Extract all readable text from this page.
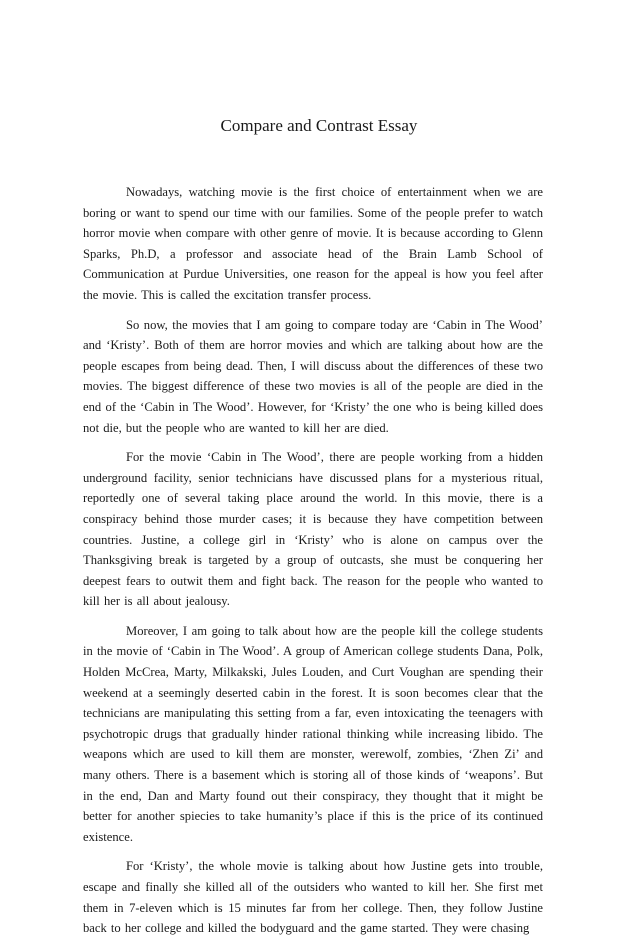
Compare and Contrast Essay

Nowadays, watching movie is the first choice of entertainment when we are boring or want to spend our time with our families. Some of the people prefer to watch horror movie when compare with other genre of movie. It is because according to Glenn Sparks, Ph.D, a professor and associate head of the Brain Lamb School of Communication at Purdue Universities, one reason for the appeal is how you feel after the movie. This is called the excitation transfer process.

So now, the movies that I am going to compare today are ‘Cabin in The Wood’ and ‘Kristy’. Both of them are horror movies and which are talking about how are the people escapes from being dead. Then, I will discuss about the differences of these two movies. The biggest difference of these two movies is all of the people are died in the end of the ‘Cabin in The Wood’. However, for ‘Kristy’ the one who is being killed does not die, but the people who are wanted to kill her are died.

For the movie ‘Cabin in The Wood’, there are people working from a hidden underground facility, senior technicians have discussed plans for a mysterious ritual, reportedly one of several taking place around the world. In this movie, there is a conspiracy behind those murder cases; it is because they have competition between countries. Justine, a college girl in ‘Kristy’ who is alone on campus over the Thanksgiving break is targeted by a group of outcasts, she must be conquering her deepest fears to outwit them and fight back. The reason for the people who wanted to kill her is all about jealousy.

Moreover, I am going to talk about how are the people kill the college students in the movie of ‘Cabin in The Wood’. A group of American college students Dana, Polk, Holden McCrea, Marty, Milkakski, Jules Louden, and Curt Voughan are spending their weekend at a seemingly deserted cabin in the forest. It is soon becomes clear that the technicians are manipulating this setting from a far, even intoxicating the teenagers with psychotropic drugs that gradually hinder rational thinking while increasing libido. The weapons which are used to kill them are monster, werewolf, zombies, ‘Zhen Zi’ and many others. There is a basement which is storing all of those kinds of ‘weapons’. But in the end, Dan and Marty found out their conspiracy, they thought that it might be better for another spiecies to take humanity’s place if this is the price of its continued existence.

For ‘Kristy’, the whole movie is talking about how Justine gets into trouble, escape and finally she killed all of the outsiders who wanted to kill her. She first met them in 7-eleven which is 15 minutes far from her college. Then, they follow Justine back to her college and killed the bodyguard and the game started. They were chasing
